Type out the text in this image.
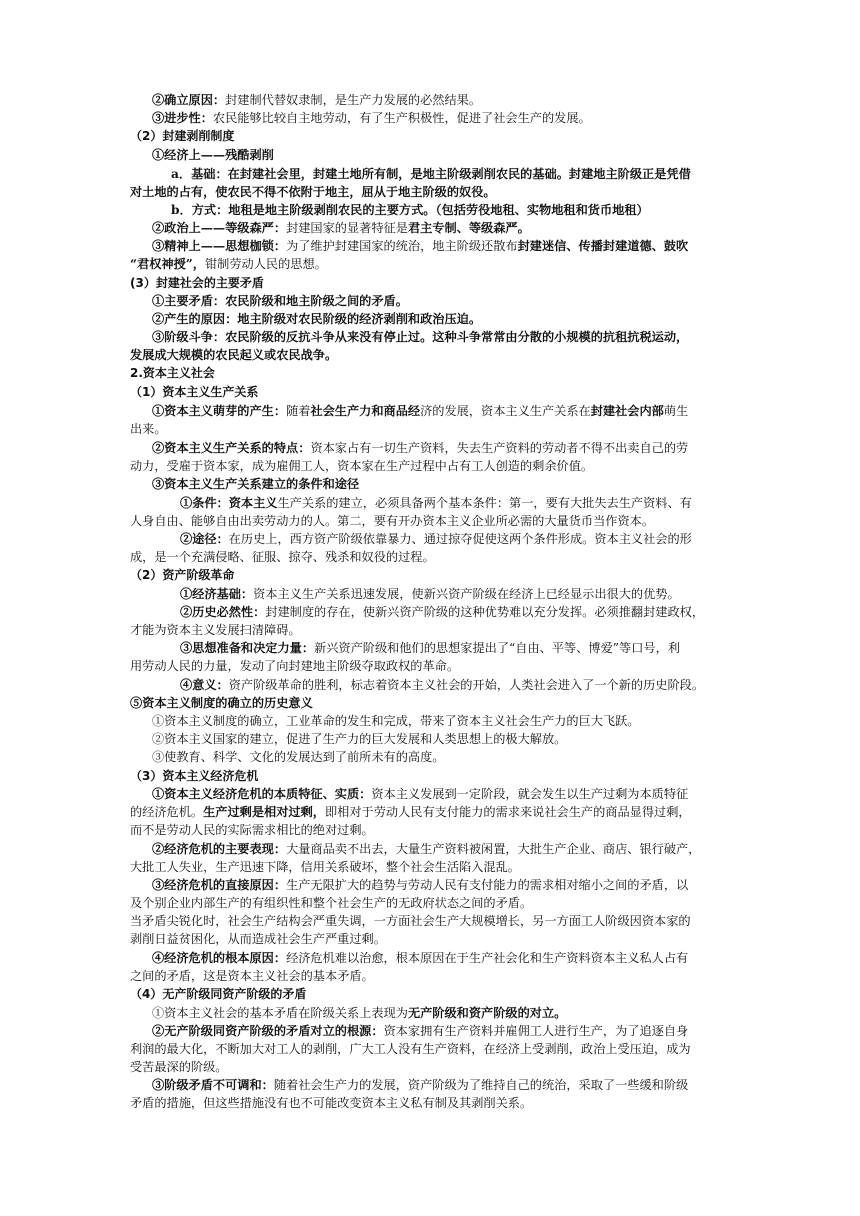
②确立原因：封建制代替奴隶制，是生产力发展的必然结果。
③进步性：农民能够比较自主地劳动，有了生产积极性，促进了社会生产的发展。
（2）封建剥削制度
①经济上——残酷剥削
a．基础：在封建社会里，封建土地所有制，是地主阶级剥削农民的基础。封建地主阶级正是凭借
对土地的占有，使农民不得不依附于地主，屈从于地主阶级的奴役。
b．方式：地租是地主阶级剥削农民的主要方式。（包括劳役地租、实物地租和货币地租）
②政治上——等级森严：封建国家的显著特征是君主专制、等级森严。
③精神上——思想枷锁：为了维护封建国家的统治，地主阶级还散布封建迷信、传播封建道德、鼓吹
“君权神授”，钳制劳动人民的思想。
(3）封建社会的主要矛盾
①主要矛盾：农民阶级和地主阶级之间的矛盾。
②产生的原因：地主阶级对农民阶级的经济剥削和政治压迫。
③阶级斗争：农民阶级的反抗斗争从来没有停止过。这种斗争常常由分散的小规模的抗租抗税运动，
发展成大规模的农民起义或农民战争。
2.资本主义社会
（1）资本主义生产关系
①资本主义萌芽的产生：随着社会生产力和商品经济的发展，资本主义生产关系在封建社会内部萌生
出来。
②资本主义生产关系的特点：资本家占有一切生产资料，失去生产资料的劳动者不得不出卖自己的劳
动力，受雇于资本家，成为雇佣工人，资本家在生产过程中占有工人创造的剩余价值。
③资本主义生产关系建立的条件和途径
①条件：资本主义生产关系的建立，必须具备两个基本条件：第一，要有大批失去生产资料、有
人身自由、能够自由出卖劳动力的人。第二，要有开办资本主义企业所必需的大量货币当作资本。
②途径：在历史上，西方资产阶级依靠暴力、通过掠夺促使这两个条件形成。资本主义社会的形
成，是一个充满侵略、征服、掠夺、残杀和奴役的过程。
（2）资产阶级革命
①经济基础：资本主义生产关系迅速发展，使新兴资产阶级在经济上已经显示出很大的优势。
②历史必然性：封建制度的存在，使新兴资产阶级的这种优势难以充分发挥。必须推翻封建政权，
才能为资本主义发展扫清障碍。
③思想准备和决定力量：新兴资产阶级和他们的思想家提出了“自由、平等、博爱”等口号，利
用劳动人民的力量，发动了向封建地主阶级夺取政权的革命。
④意义：资产阶级革命的胜利，标志着资本主义社会的开始，人类社会进入了一个新的历史阶段。
⑤资本主义制度的确立的历史意义
①资本主义制度的确立，工业革命的发生和完成，带来了资本主义社会生产力的巨大飞跃。
②资本主义国家的建立，促进了生产力的巨大发展和人类思想上的极大解放。
③使教育、科学、文化的发展达到了前所未有的高度。
（3）资本主义经济危机
①资本主义经济危机的本质特征、实质：资本主义发展到一定阶段，就会发生以生产过剩为本质特征
的经济危机。生产过剩是相对过剩，即相对于劳动人民有支付能力的需求来说社会生产的商品显得过剩，
而不是劳动人民的实际需求相比的绝对过剩。
②经济危机的主要表现：大量商品卖不出去，大量生产资料被闲置，大批生产企业、商店、银行破产，
大批工人失业，生产迅速下降，信用关系破坏，整个社会生活陷入混乱。
③经济危机的直接原因：生产无限扩大的趋势与劳动人民有支付能力的需求相对缩小之间的矛盾，以
及个别企业内部生产的有组织性和整个社会生产的无政府状态之间的矛盾。
当矛盾尖锐化时，社会生产结构会严重失调，一方面社会生产大规模增长，另一方面工人阶级因资本家的
剥削日益贫困化，从而造成社会生产严重过剩。
④经济危机的根本原因：经济危机难以治愈，根本原因在于生产社会化和生产资料资本主义私人占有
之间的矛盾，这是资本主义社会的基本矛盾。
（4）无产阶级同资产阶级的矛盾
①资本主义社会的基本矛盾在阶级关系上表现为无产阶级和资产阶级的对立。
②无产阶级同资产阶级的矛盾对立的根源：资本家拥有生产资料并雇佣工人进行生产，为了追逐自身
利润的最大化，不断加大对工人的剥削，广大工人没有生产资料，在经济上受剥削，政治上受压迫，成为
受苦最深的阶级。
③阶级矛盾不可调和：随着社会生产力的发展，资产阶级为了维持自己的统治，采取了一些缓和阶级
矛盾的措施，但这些措施没有也不可能改变资本主义私有制及其剥削关系。
